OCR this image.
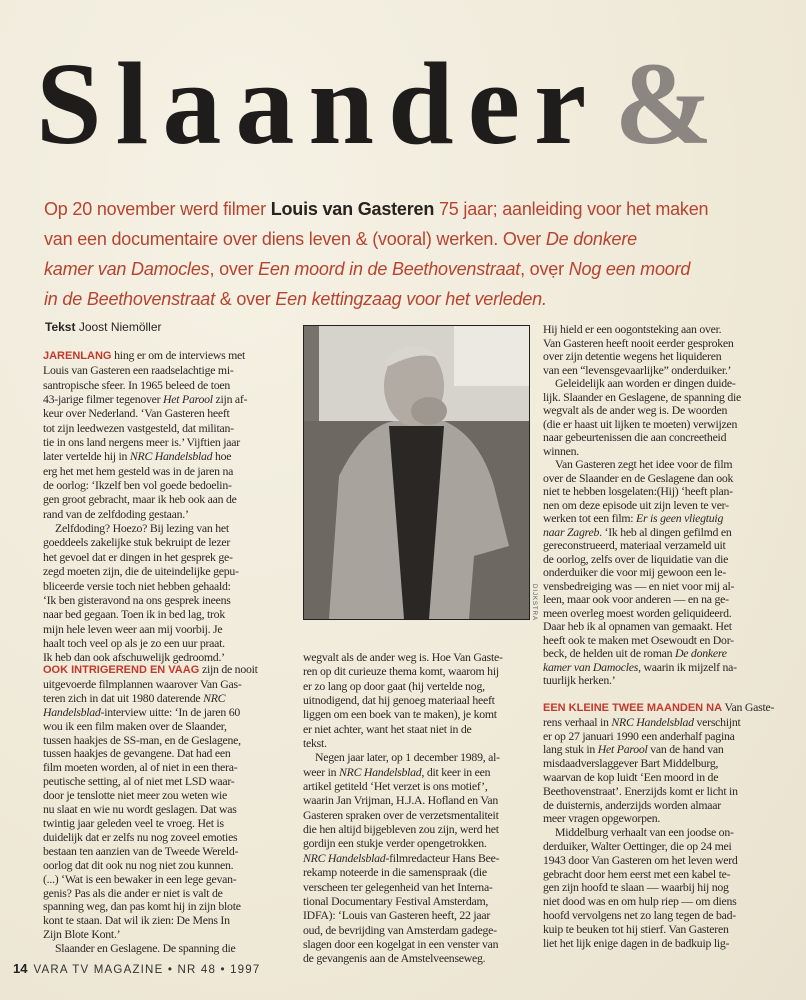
Slaander &
Op 20 november werd filmer Louis van Gasteren 75 jaar; aanleiding voor het maken
van een documentaire over diens leven & (vooral) werken. Over De donkere
kamer van Damocles, over Een moord in de Beethovenstraat, ovẹr Nog een moord
in de Beethovenstraat & over Een kettingzaag voor het verleden.
Tekst Joost Niemöller
JARENLANG hing er om de interviews met
Louis van Gasteren een raadselachtige mi-
santropische sfeer. In 1965 beleed de toen
43-jarige filmer tegenover Het Parool zijn af-
keur over Nederland. ‘Van Gasteren heeft
tot zijn leedwezen vastgesteld, dat militan-
tie in ons land nergens meer is.’ Vijftien jaar
later vertelde hij in NRC Handelsblad hoe
erg het met hem gesteld was in de jaren na
de oorlog: ‘Ikzelf ben vol goede bedoelin-
gen groot gebracht, maar ik heb ook aan de
rand van de zelfdoding gestaan.’
Zelfdoding? Hoezo? Bij lezing van het
goeddeels zakelijke stuk bekruipt de lezer
het gevoel dat er dingen in het gesprek ge-
zegd moeten zijn, die de uiteindelijke gepu-
bliceerde versie toch niet hebben gehaald:
‘Ik ben gisteravond na ons gesprek ineens
naar bed gegaan. Toen ik in bed lag, trok
mijn hele leven weer aan mij voorbij. Je
haalt toch veel op als je zo een uur praat.
Ik heb dan ook afschuwelijk gedroomd.’
OOK INTRIGEREND EN VAAG zijn de nooit
uitgevoerde filmplannen waarover Van Gas-
teren zich in dat uit 1980 daterende NRC
Handelsblad-interview uitte: ‘In de jaren 60
wou ik een film maken over de Slaander,
tussen haakjes de SS-man, en de Geslagene,
tussen haakjes de gevangene. Dat had een
film moeten worden, al of niet in een thera-
peutische setting, al of niet met LSD waar-
door je tenslotte niet meer zou weten wie
nu slaat en wie nu wordt geslagen. Dat was
twintig jaar geleden veel te vroeg. Het is
duidelijk dat er zelfs nu nog zoveel emoties
bestaan ten aanzien van de Tweede Wereld-
oorlog dat dit ook nu nog niet zou kunnen.
(...) ‘Wat is een bewaker in een lege gevan-
genis? Pas als die ander er niet is valt de
spanning weg, dan pas komt hij in zijn blote
kont te staan. Dat wil ik zien: De Mens In
Zijn Blote Kont.’
Slaander en Geslagene. De spanning die
DIJKSTRA
wegvalt als de ander weg is. Hoe Van Gaste-
ren op dit curieuze thema komt, waarom hij
er zo lang op door gaat (hij vertelde nog,
uitnodigend, dat hij genoeg materiaal heeft
liggen om een boek van te maken), je komt
er niet achter, want het staat niet in de
tekst.
Negen jaar later, op 1 december 1989, al-
weer in NRC Handelsblad, dit keer in een
artikel getiteld ‘Het verzet is ons motief’,
waarin Jan Vrijman, H.J.A. Hofland en Van
Gasteren spraken over de verzetsmentaliteit
die hen altijd bijgebleven zou zijn, werd het
gordijn een stukje verder opengetrokken.
NRC Handelsblad-filmredacteur Hans Bee-
rekamp noteerde in die samenspraak (die
verscheen ter gelegenheid van het Interna-
tional Documentary Festival Amsterdam,
IDFA): ‘Louis van Gasteren heeft, 22 jaar
oud, de bevrijding van Amsterdam gadege-
slagen door een kogelgat in een venster van
de gevangenis aan de Amstelveenseweg.
Hij hield er een oogontsteking aan over.
Van Gasteren heeft nooit eerder gesproken
over zijn detentie wegens het liquideren
van een “levensgevaarlijke” onderduiker.’
Geleidelijk aan worden er dingen duide-
lijk. Slaander en Geslagene, de spanning die
wegvalt als de ander weg is. De woorden
(die er haast uit lijken te moeten) verwijzen
naar gebeurtenissen die aan concreetheid
winnen.
Van Gasteren zegt het idee voor de film
over de Slaander en de Geslagene dan ook
niet te hebben losgelaten:(Hij) ‘heeft plan-
nen om deze episode uit zijn leven te ver-
werken tot een film: Er is geen vliegtuig
naar Zagreb. ‘Ik heb al dingen gefilmd en
gereconstrueerd, materiaal verzameld uit
de oorlog, zelfs over de liquidatie van die
onderduiker die voor mij gewoon een le-
vensbedreiging was — en niet voor mij al-
leen, maar ook voor anderen — en na ge-
meen overleg moest worden geliquideerd.
Daar heb ik al opnamen van gemaakt. Het
heeft ook te maken met Osewoudt en Dor-
beck, de helden uit de roman De donkere
kamer van Damocles, waarin ik mijzelf na-
tuurlijk herken.’
EEN KLEINE TWEE MAANDEN NA Van Gaste-
rens verhaal in NRC Handelsblad verschijnt
er op 27 januari 1990 een anderhalf pagina
lang stuk in Het Parool van de hand van
misdaadverslaggever Bart Middelburg,
waarvan de kop luidt ‘Een moord in de
Beethovenstraat’. Enerzijds komt er licht in
de duisternis, anderzijds worden almaar
meer vragen opgeworpen.
Middelburg verhaalt van een joodse on-
derduiker, Walter Oettinger, die op 24 mei
1943 door Van Gasteren om het leven werd
gebracht door hem eerst met een kabel te-
gen zijn hoofd te slaan — waarbij hij nog
niet dood was en om hulp riep — om diens
hoofd vervolgens net zo lang tegen de bad-
kuip te beuken tot hij stierf. Van Gasteren
liet het lijk enige dagen in de badkuip lig-
14 VARA TV MAGAZINE • NR 48 • 1997
